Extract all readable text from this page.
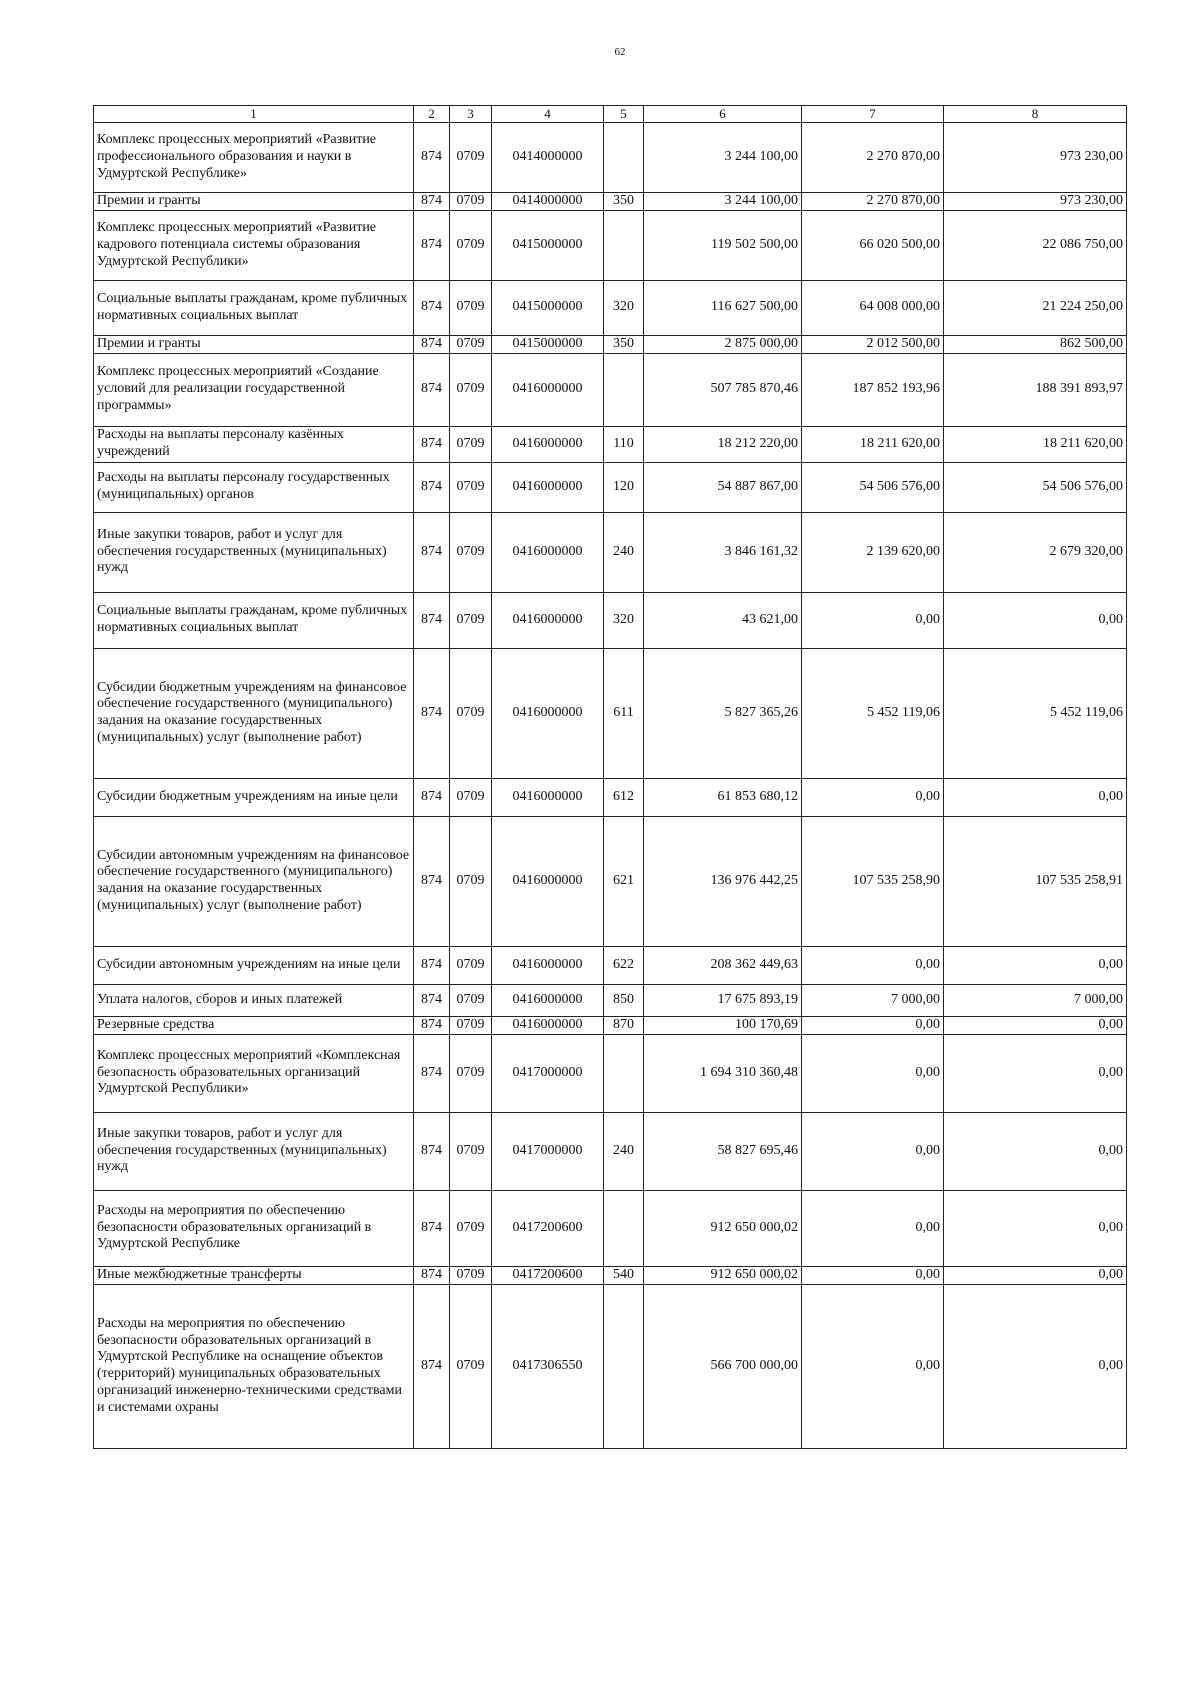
62
1	2	3	4	5	6	7	8
Комплекс процессных мероприятий «Развитие профессионального образования и науки в Удмуртской Республике»	874	0709	0414000000		3 244 100,00	2 270 870,00	973 230,00
Премии и гранты	874	0709	0414000000	350	3 244 100,00	2 270 870,00	973 230,00
Комплекс процессных мероприятий «Развитие кадрового потенциала системы образования Удмуртской Республики»	874	0709	0415000000		119 502 500,00	66 020 500,00	22 086 750,00
Социальные выплаты гражданам, кроме публичных нормативных социальных выплат	874	0709	0415000000	320	116 627 500,00	64 008 000,00	21 224 250,00
Премии и гранты	874	0709	0415000000	350	2 875 000,00	2 012 500,00	862 500,00
Комплекс процессных мероприятий «Создание условий для реализации государственной программы»	874	0709	0416000000		507 785 870,46	187 852 193,96	188 391 893,97
Расходы на выплаты персоналу казённых учреждений	874	0709	0416000000	110	18 212 220,00	18 211 620,00	18 211 620,00
Расходы на выплаты персоналу государственных (муниципальных) органов	874	0709	0416000000	120	54 887 867,00	54 506 576,00	54 506 576,00
Иные закупки товаров, работ и услуг для обеспечения государственных (муниципальных) нужд	874	0709	0416000000	240	3 846 161,32	2 139 620,00	2 679 320,00
Социальные выплаты гражданам, кроме публичных нормативных социальных выплат	874	0709	0416000000	320	43 621,00	0,00	0,00
Субсидии бюджетным учреждениям на финансовое обеспечение государственного (муниципального) задания на оказание государственных (муниципальных) услуг (выполнение работ)	874	0709	0416000000	611	5 827 365,26	5 452 119,06	5 452 119,06
Субсидии бюджетным учреждениям на иные цели	874	0709	0416000000	612	61 853 680,12	0,00	0,00
Субсидии автономным учреждениям на финансовое обеспечение государственного (муниципального) задания на оказание государственных (муниципальных) услуг (выполнение работ)	874	0709	0416000000	621	136 976 442,25	107 535 258,90	107 535 258,91
Субсидии автономным учреждениям на иные цели	874	0709	0416000000	622	208 362 449,63	0,00	0,00
Уплата налогов, сборов и иных платежей	874	0709	0416000000	850	17 675 893,19	7 000,00	7 000,00
Резервные средства	874	0709	0416000000	870	100 170,69	0,00	0,00
Комплекс процессных мероприятий «Комплексная безопасность образовательных организаций Удмуртской Республики»	874	0709	0417000000		1 694 310 360,48	0,00	0,00
Иные закупки товаров, работ и услуг для обеспечения государственных (муниципальных) нужд	874	0709	0417000000	240	58 827 695,46	0,00	0,00
Расходы на мероприятия по обеспечению безопасности образовательных организаций в Удмуртской Республике	874	0709	0417200600		912 650 000,02	0,00	0,00
Иные межбюджетные трансферты	874	0709	0417200600	540	912 650 000,02	0,00	0,00
Расходы на мероприятия по обеспечению безопасности образовательных организаций в Удмуртской Республике на оснащение объектов (территорий) муниципальных образовательных организаций инженерно-техническими средствами и системами охраны	874	0709	0417306550		566 700 000,00	0,00	0,00
